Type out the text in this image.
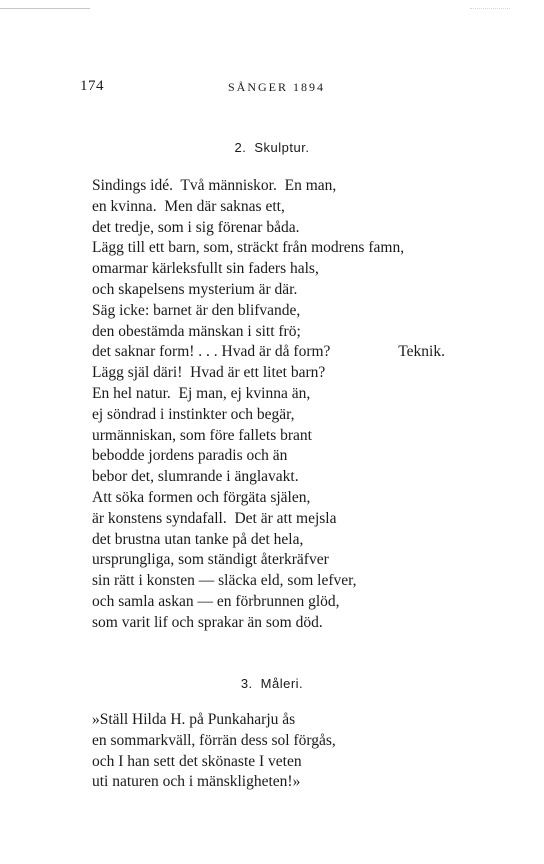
174	SÅNGER 1894
2. Skulptur.
Sindings idé.  Två människor.  En man,
en kvinna.  Men där saknas ett,
det tredje, som i sig förenar båda.
Lägg till ett barn, som, sträckt från modrens famn,
omarmar kärleksfullt sin faders hals,
och skapelsens mysterium är där.
Säg icke: barnet är den blifvande,
den obestämda mänskan i sitt frö;
det saknar form! . . . Hvad är då form?	Teknik.
Lägg själ däri!  Hvad är ett litet barn?
En hel natur.  Ej man, ej kvinna än,
ej söndrad i instinkter och begär,
urmänniskan, som före fallets brant
bebodde jordens paradis och än
bebor det, slumrande i änglavakt.
Att söka formen och förgäta själen,
är konstens syndafall.  Det är att mejsla
det brustna utan tanke på det hela,
ursprungliga, som ständigt återkräfver
sin rätt i konsten — släcka eld, som lefver,
och samla askan — en förbrunnen glöd,
som varit lif och sprakar än som död.
3. Måleri.
»Ställ Hilda H. på Punkaharju ås
en sommarkväll, förrän dess sol förgås,
och I han sett det skönaste I veten
uti naturen och i mänskligheten!»
